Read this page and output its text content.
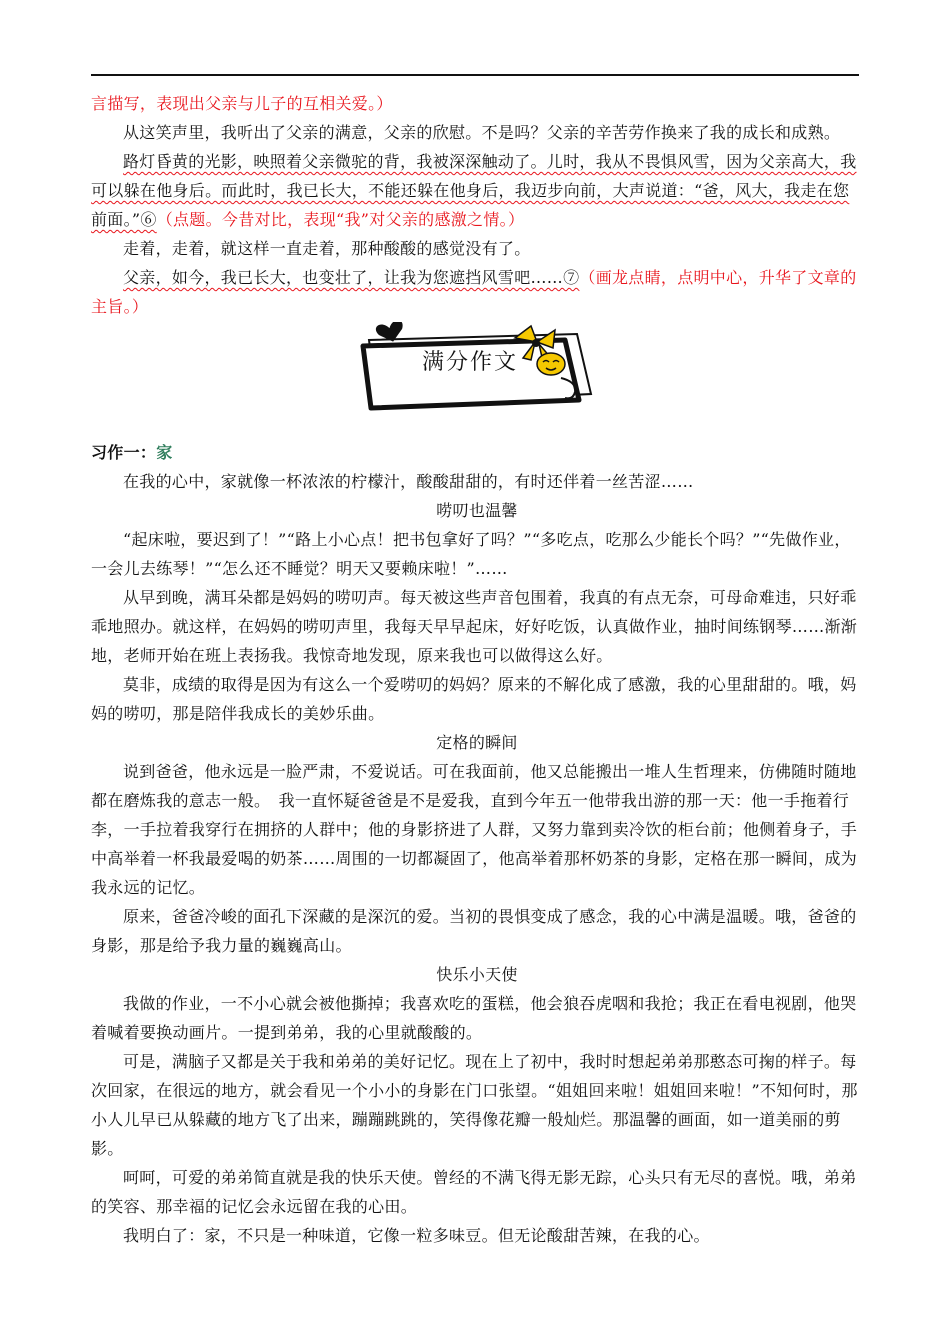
言描写，表现出父亲与儿子的互相关爱。）

从这笑声里，我听出了父亲的满意，父亲的欣慰。不是吗？父亲的辛苦劳作换来了我的成长和成熟。

路灯昏黄的光影，映照着父亲微驼的背，我被深深触动了。儿时，我从不畏惧风雪，因为父亲高大，我可以躲在他身后。而此时，我已长大，不能还躲在他身后，我迈步向前，大声说道：“爸，风大，我走在您前面。”⑥（点题。今昔对比，表现“我”对父亲的感激之情。）

走着，走着，就这样一直走着，那种酸酸的感觉没有了。

父亲，如今，我已长大，也变壮了，让我为您遮挡风雪吧……⑦（画龙点睛，点明中心，升华了文章的主旨。）

满分作文

习作一：家

在我的心中，家就像一杯浓浓的柠檬汁，酸酸甜甜的，有时还伴着一丝苦涩……

唠叨也温馨

“起床啦，要迟到了！”“路上小心点！把书包拿好了吗？”“多吃点，吃那么少能长个吗？”“先做作业，一会儿去练琴！”“怎么还不睡觉？明天又要赖床啦！”……

从早到晚，满耳朵都是妈妈的唠叨声。每天被这些声音包围着，我真的有点无奈，可母命难违，只好乖乖地照办。就这样，在妈妈的唠叨声里，我每天早早起床，好好吃饭，认真做作业，抽时间练钢琴……渐渐地，老师开始在班上表扬我。我惊奇地发现，原来我也可以做得这么好。

莫非，成绩的取得是因为有这么一个爱唠叨的妈妈？原来的不解化成了感激，我的心里甜甜的。哦，妈妈的唠叨，那是陪伴我成长的美妙乐曲。

定格的瞬间

说到爸爸，他永远是一脸严肃，不爱说话。可在我面前，他又总能搬出一堆人生哲理来，仿佛随时随地都在磨炼我的意志一般。　我一直怀疑爸爸是不是爱我，直到今年五一他带我出游的那一天：他一手拖着行李，一手拉着我穿行在拥挤的人群中；他的身影挤进了人群，又努力靠到卖冷饮的柜台前；他侧着身子，手中高举着一杯我最爱喝的奶茶……周围的一切都凝固了，他高举着那杯奶茶的身影，定格在那一瞬间，成为我永远的记忆。

原来，爸爸冷峻的面孔下深藏的是深沉的爱。当初的畏惧变成了感念，我的心中满是温暖。哦，爸爸的身影，那是给予我力量的巍巍高山。

快乐小天使

我做的作业，一不小心就会被他撕掉；我喜欢吃的蛋糕，他会狼吞虎咽和我抢；我正在看电视剧，他哭着喊着要换动画片。一提到弟弟，我的心里就酸酸的。

可是，满脑子又都是关于我和弟弟的美好记忆。现在上了初中，我时时想起弟弟那憨态可掬的样子。每次回家，在很远的地方，就会看见一个小小的身影在门口张望。“姐姐回来啦！姐姐回来啦！”不知何时，那小人儿早已从躲藏的地方飞了出来，蹦蹦跳跳的，笑得像花瓣一般灿烂。那温馨的画面，如一道美丽的剪影。

呵呵，可爱的弟弟简直就是我的快乐天使。曾经的不满飞得无影无踪，心头只有无尽的喜悦。哦，弟弟的笑容、那幸福的记忆会永远留在我的心田。

我明白了：家，不只是一种味道，它像一粒多味豆。但无论酸甜苦辣，在我的心。
